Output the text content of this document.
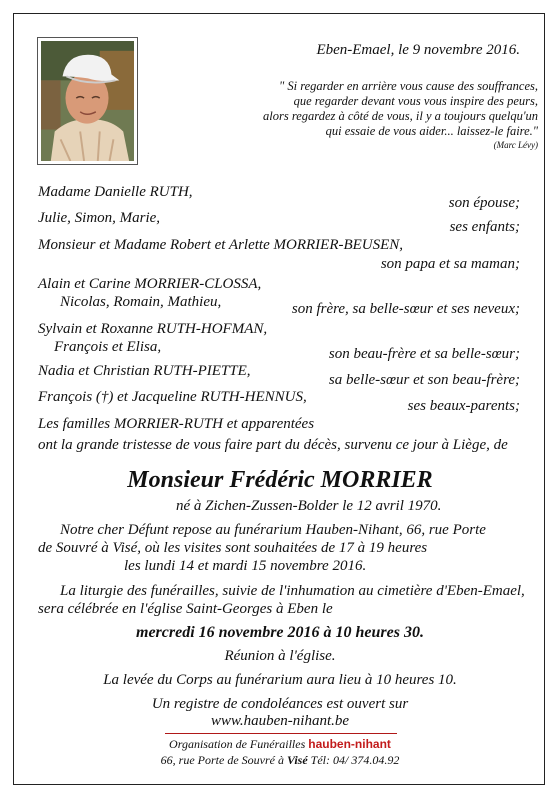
Eben-Emael, le 9 novembre 2016.
" Si regarder en arrière vous cause des souffrances,
que regarder devant vous vous inspire des peurs,
alors regardez à côté de vous, il y a toujours quelqu'un
qui essaie de vous aider... laissez-le faire."
(Marc Lévy)
Madame Danielle RUTH,
son épouse;
Julie, Simon, Marie,
ses enfants;
Monsieur et Madame Robert et Arlette MORRIER-BEUSEN,
son papa et sa maman;
Alain et Carine MORRIER-CLOSSA,
Nicolas, Romain, Mathieu,	son frère, sa belle-sœur et ses neveux;
Sylvain et Roxanne RUTH-HOFMAN,
François et Elisa,	son beau-frère et sa belle-sœur;
Nadia et Christian RUTH-PIETTE,
sa belle-sœur et son beau-frère;
François (†) et Jacqueline RUTH-HENNUS,
ses beaux-parents;
Les familles MORRIER-RUTH et apparentées
ont la grande tristesse de vous faire part du décès, survenu ce jour à Liège, de
Monsieur Frédéric MORRIER
né à Zichen-Zussen-Bolder le 12 avril 1970.
Notre cher Défunt repose au funérarium Hauben-Nihant, 66, rue Porte
de Souvré à Visé, où les visites sont souhaitées de 17 à 19 heures
les lundi 14 et mardi 15 novembre 2016.
La liturgie des funérailles, suivie de l'inhumation au cimetière d'Eben-Emael,
sera célébrée en l'église Saint-Georges à Eben le
mercredi 16 novembre 2016 à 10 heures 30.
Réunion à l'église.
La levée du Corps au funérarium aura lieu à 10 heures 10.
Un registre de condoléances est ouvert sur
www.hauben-nihant.be
Organisation de Funérailles hauben-nihant
66, rue Porte de Souvré à Visé Tél: 04/ 374.04.92
